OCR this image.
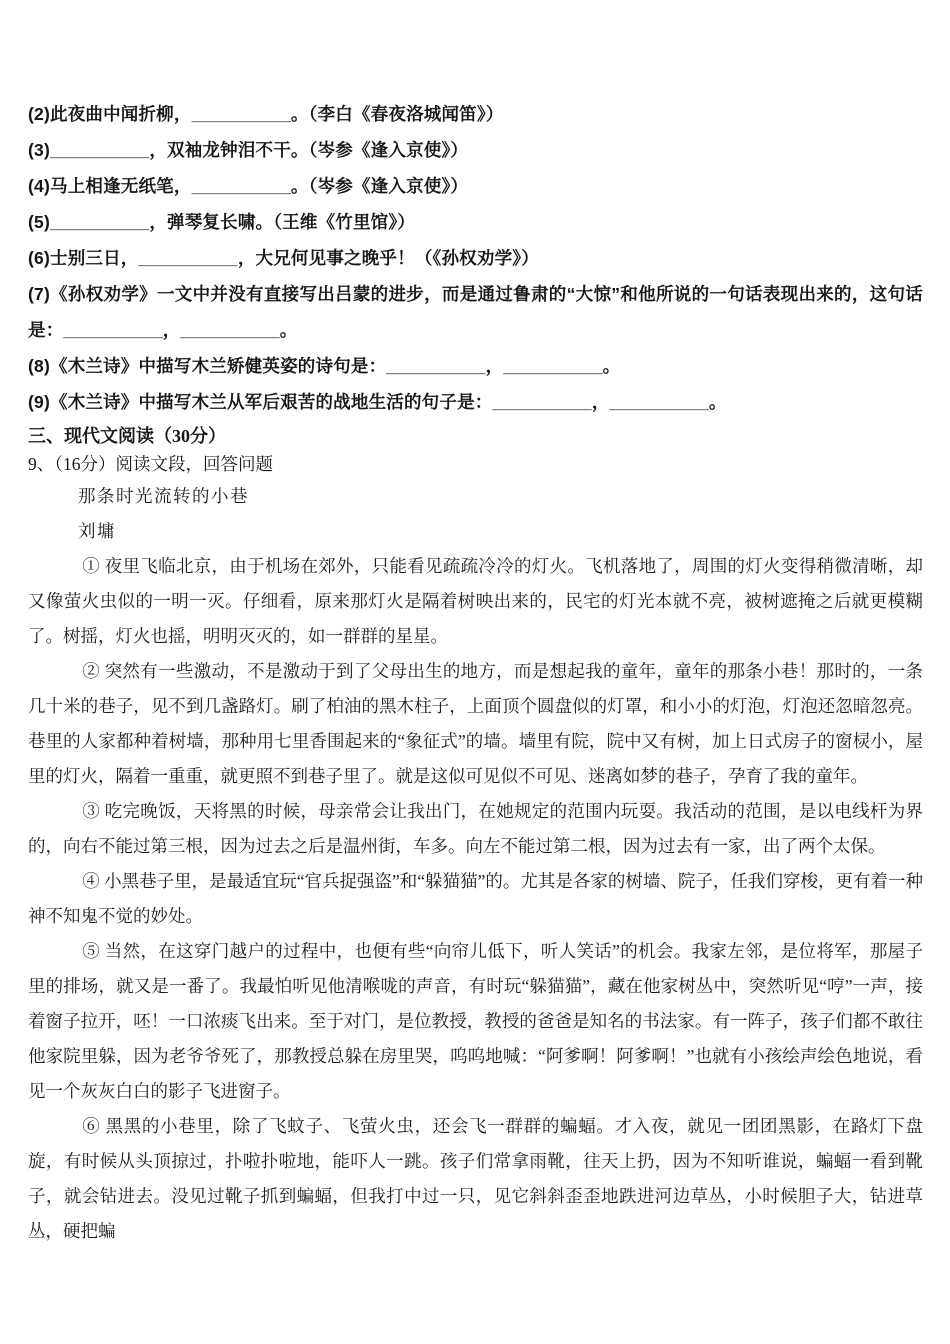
(2)此夜曲中闻折柳，__________。（李白《春夜洛城闻笛》）

(3)__________，双袖龙钟泪不干。（岑参《逢入京使》）

(4)马上相逢无纸笔，__________。（岑参《逢入京使》）

(5)__________，弹琴复长啸。（王维《竹里馆》）

(6)士别三日，__________，大兄何见事之晚乎！（《孙权劝学》）

(7)《孙权劝学》一文中并没有直接写出吕蒙的进步，而是通过鲁肃的“大惊”和他所说的一句话表现出来的，这句话是：__________，__________。

(8)《木兰诗》中描写木兰矫健英姿的诗句是：__________，__________。

(9)《木兰诗》中描写木兰从军后艰苦的战地生活的句子是：__________，__________。

三、现代文阅读（30分）

9、（16分）阅读文段，回答问题

那条时光流转的小巷

刘墉

① 夜里飞临北京，由于机场在郊外，只能看见疏疏冷冷的灯火。飞机落地了，周围的灯火变得稍微清晰，却又像萤火虫似的一明一灭。仔细看，原来那灯火是隔着树映出来的，民宅的灯光本就不亮，被树遮掩之后就更模糊了。树摇，灯火也摇，明明灭灭的，如一群群的星星。

② 突然有一些激动，不是激动于到了父母出生的地方，而是想起我的童年，童年的那条小巷！那时的，一条几十米的巷子，见不到几盏路灯。刷了柏油的黑木柱子，上面顶个圆盘似的灯罩，和小小的灯泡，灯泡还忽暗忽亮。巷里的人家都种着树墙，那种用七里香围起来的“象征式”的墙。墙里有院，院中又有树，加上日式房子的窗棂小，屋里的灯火，隔着一重重，就更照不到巷子里了。就是这似可见似不可见、迷离如梦的巷子，孕育了我的童年。

③ 吃完晚饭，天将黑的时候，母亲常会让我出门，在她规定的范围内玩耍。我活动的范围，是以电线杆为界的，向右不能过第三根，因为过去之后是温州街，车多。向左不能过第二根，因为过去有一家，出了两个太保。

④ 小黑巷子里，是最适宜玩“官兵捉强盗”和“躲猫猫”的。尤其是各家的树墙、院子，任我们穿梭，更有着一种神不知鬼不觉的妙处。

⑤ 当然，在这穿门越户的过程中，也便有些“向帘儿低下，听人笑话”的机会。我家左邻，是位将军，那屋子里的排场，就又是一番了。我最怕听见他清喉咙的声音，有时玩“躲猫猫”，藏在他家树丛中，突然听见“哼”一声，接着窗子拉开，呸！一口浓痰飞出来。至于对门，是位教授，教授的爸爸是知名的书法家。有一阵子，孩子们都不敢往他家院里躲，因为老爷爷死了，那教授总躲在房里哭，呜呜地喊：“阿爹啊！阿爹啊！”也就有小孩绘声绘色地说，看见一个灰灰白白的影子飞进窗子。

⑥ 黑黑的小巷里，除了飞蚊子、飞萤火虫，还会飞一群群的蝙蝠。才入夜，就见一团团黑影，在路灯下盘旋，有时候从头顶掠过，扑啦扑啦地，能吓人一跳。孩子们常拿雨靴，往天上扔，因为不知听谁说，蝙蝠一看到靴子，就会钻进去。没见过靴子抓到蝙蝠，但我打中过一只，见它斜斜歪歪地跌进河边草丛，小时候胆子大，钻进草丛，硬把蝙
